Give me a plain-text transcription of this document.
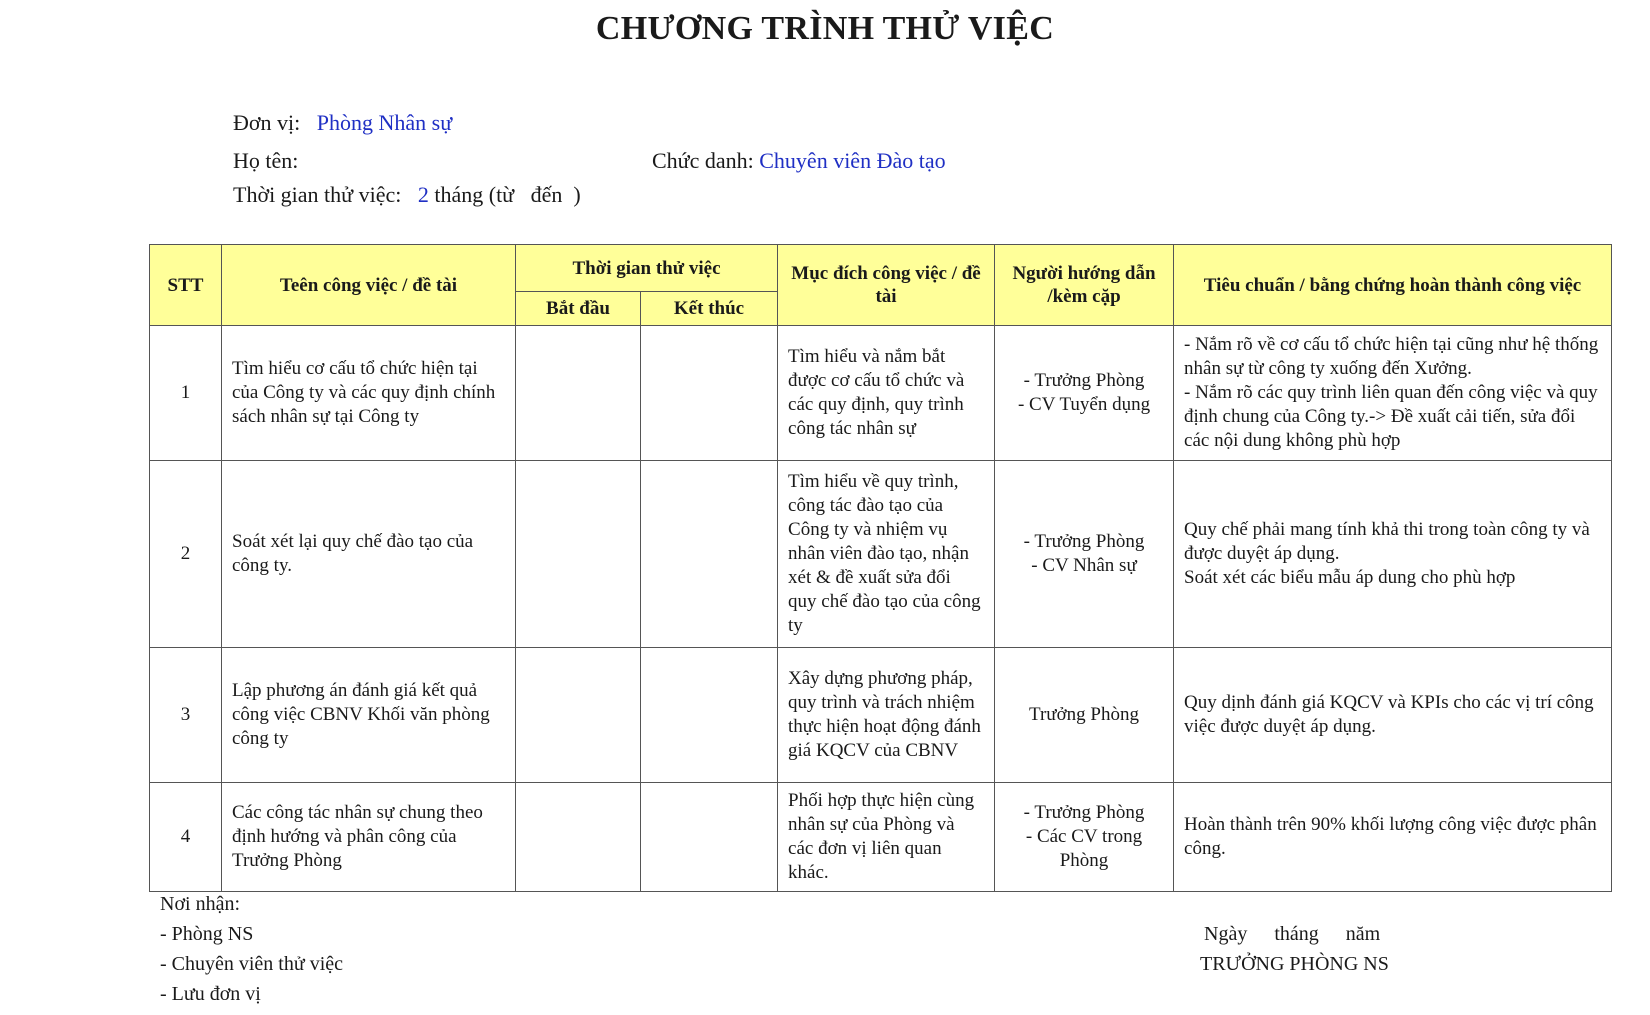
CHƯƠNG TRÌNH THỬ VIỆC
Đơn vị: Phòng Nhân sự
Họ tên:	Chức danh: Chuyên viên Đào tạo
Thời gian thử việc: 2 tháng (từ   đến  )
STT	Teên công việc / đề tài	Thời gian thử việc		Mục đích công việc / đề tài	Người hướng dẫn /kèm cặp	Tiêu chuẩn / bằng chứng hoàn thành công việc
		Bắt đầu	Kết thúc			
1	Tìm hiểu cơ cấu tổ chức hiện tại của Công ty và các quy định chính sách nhân sự tại Công ty			Tìm hiểu và nắm bắt được cơ cấu tổ chức và các quy định, quy trình công tác nhân sự	- Trưởng Phòng
- CV Tuyển dụng	- Nắm rõ về cơ cấu tổ chức hiện tại cũng như hệ thống nhân sự từ công ty xuống đến Xưởng.
- Nắm rõ các quy trình liên quan đến công việc và quy định chung của Công ty.-> Đề xuất cải tiến, sửa đổi các nội dung không phù hợp
2	Soát xét lại quy chế đào tạo của công ty.			Tìm hiểu về quy trình, công tác đào tạo của Công ty và nhiệm vụ nhân viên đào tạo, nhận xét & đề xuất sửa đổi quy chế đào tạo của công ty	- Trưởng Phòng
- CV Nhân sự	Quy chế phải mang tính khả thi trong toàn công ty và được duyệt áp dụng.
Soát xét các biểu mẫu áp dung cho phù hợp
3	Lập phương án đánh giá kết quả công việc CBNV Khối văn phòng công ty			Xây dựng phương pháp, quy trình và trách nhiệm thực hiện hoạt động đánh giá KQCV của CBNV	Trưởng Phòng	Quy dịnh đánh giá KQCV và KPIs cho các vị trí công việc được duyệt áp dụng.
4	Các công tác nhân sự chung theo định hướng và phân công của Trưởng Phòng			Phối hợp thực hiện cùng nhân sự của Phòng và các đơn vị liên quan khác.	- Trưởng Phòng
- Các CV trong Phòng	Hoàn thành trên 90% khối lượng công việc được phân công.
Nơi nhận:
- Phòng NS
- Chuyên viên thử việc
- Lưu đơn vị
Ngày tháng năm
TRƯỞNG PHÒNG NS
